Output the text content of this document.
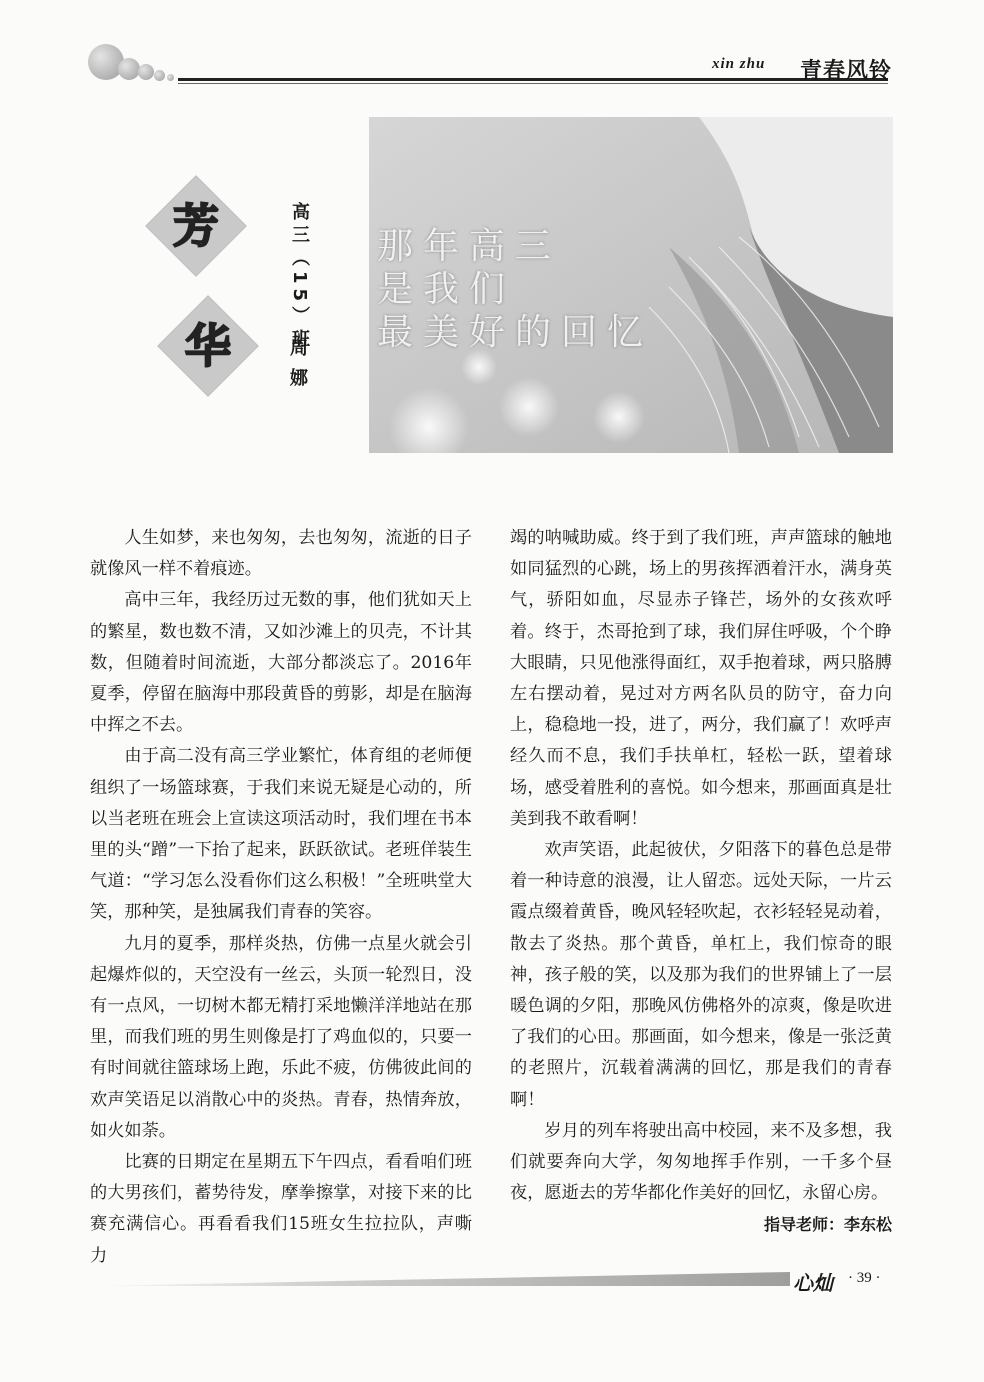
xin zhu 青春风铃
芳
华	高三（15）班
周娜
那年高三
是我们
最美好的回忆

人生如梦，来也匆匆，去也匆匆，流逝的日子就像风一样不着痕迹。

高中三年，我经历过无数的事，他们犹如天上的繁星，数也数不清，又如沙滩上的贝壳，不计其数，但随着时间流逝，大部分都淡忘了。2016年夏季，停留在脑海中那段黄昏的剪影，却是在脑海中挥之不去。

由于高二没有高三学业繁忙，体育组的老师便组织了一场篮球赛，于我们来说无疑是心动的，所以当老班在班会上宣读这项活动时，我们埋在书本里的头“蹭”一下抬了起来，跃跃欲试。老班佯装生气道：“学习怎么没看你们这么积极！”全班哄堂大笑，那种笑，是独属我们青春的笑容。

九月的夏季，那样炎热，仿佛一点星火就会引起爆炸似的，天空没有一丝云，头顶一轮烈日，没有一点风，一切树木都无精打采地懒洋洋地站在那里，而我们班的男生则像是打了鸡血似的，只要一有时间就往篮球场上跑，乐此不疲，仿佛彼此间的欢声笑语足以消散心中的炎热。青春，热情奔放，如火如荼。

比赛的日期定在星期五下午四点，看看咱们班的大男孩们，蓄势待发，摩拳擦掌，对接下来的比赛充满信心。再看看我们15班女生拉拉队，声嘶力

竭的呐喊助威。终于到了我们班，声声篮球的触地如同猛烈的心跳，场上的男孩挥洒着汗水，满身英气，骄阳如血，尽显赤子锋芒，场外的女孩欢呼着。终于，杰哥抢到了球，我们屏住呼吸，个个睁大眼睛，只见他涨得面红，双手抱着球，两只胳膊左右摆动着，晃过对方两名队员的防守，奋力向上，稳稳地一投，进了，两分，我们赢了！欢呼声经久而不息，我们手扶单杠，轻松一跃，望着球场，感受着胜利的喜悦。如今想来，那画面真是壮美到我不敢看啊！

欢声笑语，此起彼伏，夕阳落下的暮色总是带着一种诗意的浪漫，让人留恋。远处天际，一片云霞点缀着黄昏，晚风轻轻吹起，衣衫轻轻晃动着，散去了炎热。那个黄昏，单杠上，我们惊奇的眼神，孩子般的笑，以及那为我们的世界铺上了一层暖色调的夕阳，那晚风仿佛格外的凉爽，像是吹进了我们的心田。那画面，如今想来，像是一张泛黄的老照片，沉载着满满的回忆，那是我们的青春啊！

岁月的列车将驶出高中校园，来不及多想，我们就要奔向大学，匆匆地挥手作别，一千多个昼夜，愿逝去的芳华都化作美好的回忆，永留心房。

指导老师：李东松
心灿 · 39 ·
